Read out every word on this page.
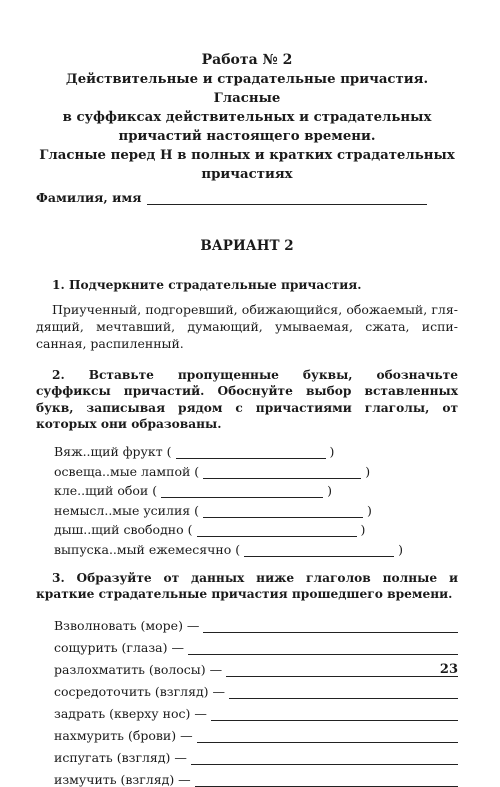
Работа № 2
Действительные и страдательные причастия. Гласные
в суффиксах действительных и страдательных
причастий настоящего времени.
Гласные перед Н в полных и кратких страдательных
причастиях
Фамилия, имя
ВАРИАНТ 2
1. Подчеркните страдательные причастия.
Приученный, подгоревший, обижающийся, обожаемый, глядящий, мечтавший, думающий, умываемая, сжата, исписанная, распиленный.
2. Вставьте пропущенные буквы, обозначьте суффиксы причастий. Обоснуйте выбор вставленных букв, записывая рядом с причастиями глаголы, от которых они образованы.
Вяж..щий фрукт (	)
освеща..мые лампой (	)
кле..щий обои (	)
немысл..мые усилия (	)
дыш..щий свободно (	)
выпуска..мый ежемесячно (	)
3. Образуйте от данных ниже глаголов полные и краткие страдательные причастия прошедшего времени.
Взволновать (море) —
сощурить (глаза) —
разлохматить (волосы) —
сосредоточить (взгляд) —
задрать (кверху нос) —
нахмурить (брови) —
испугать (взгляд) —
измучить (взгляд) —
23
